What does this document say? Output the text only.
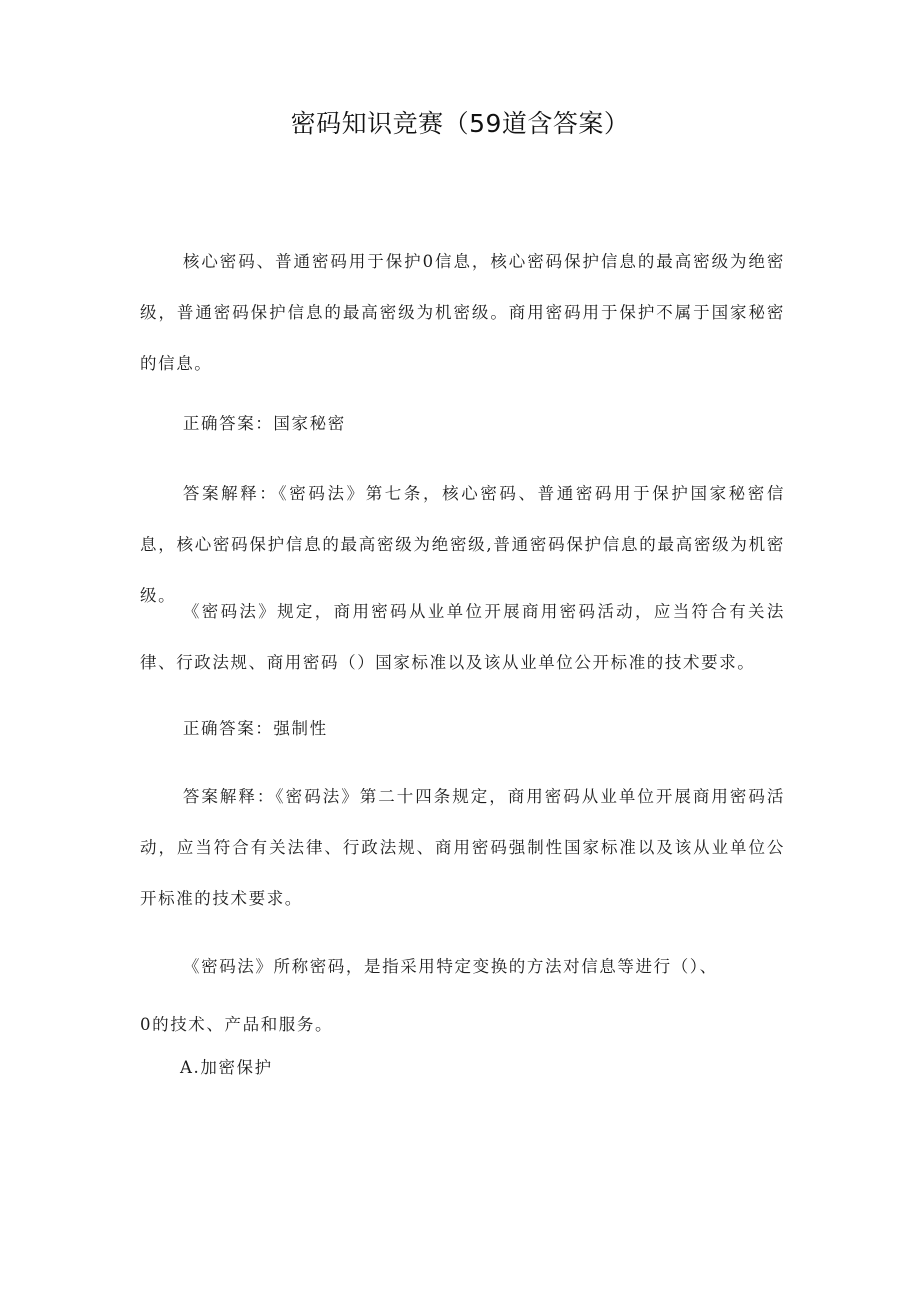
密码知识竞赛（59道含答案）

核心密码、普通密码用于保护0信息，核心密码保护信息的最高密级为绝密级，普通密码保护信息的最高密级为机密级。商用密码用于保护不属于国家秘密的信息。

正确答案：国家秘密

答案解释：《密码法》第七条，核心密码、普通密码用于保护国家秘密信息，核心密码保护信息的最高密级为绝密级,普通密码保护信息的最高密级为机密级。

《密码法》规定，商用密码从业单位开展商用密码活动，应当符合有关法律、行政法规、商用密码（）国家标准以及该从业单位公开标准的技术要求。

正确答案：强制性

答案解释：《密码法》第二十四条规定，商用密码从业单位开展商用密码活动，应当符合有关法律、行政法规、商用密码强制性国家标准以及该从业单位公开标准的技术要求。

《密码法》所称密码，是指采用特定变换的方法对信息等进行（）、

0的技术、产品和服务。

A.加密保护
